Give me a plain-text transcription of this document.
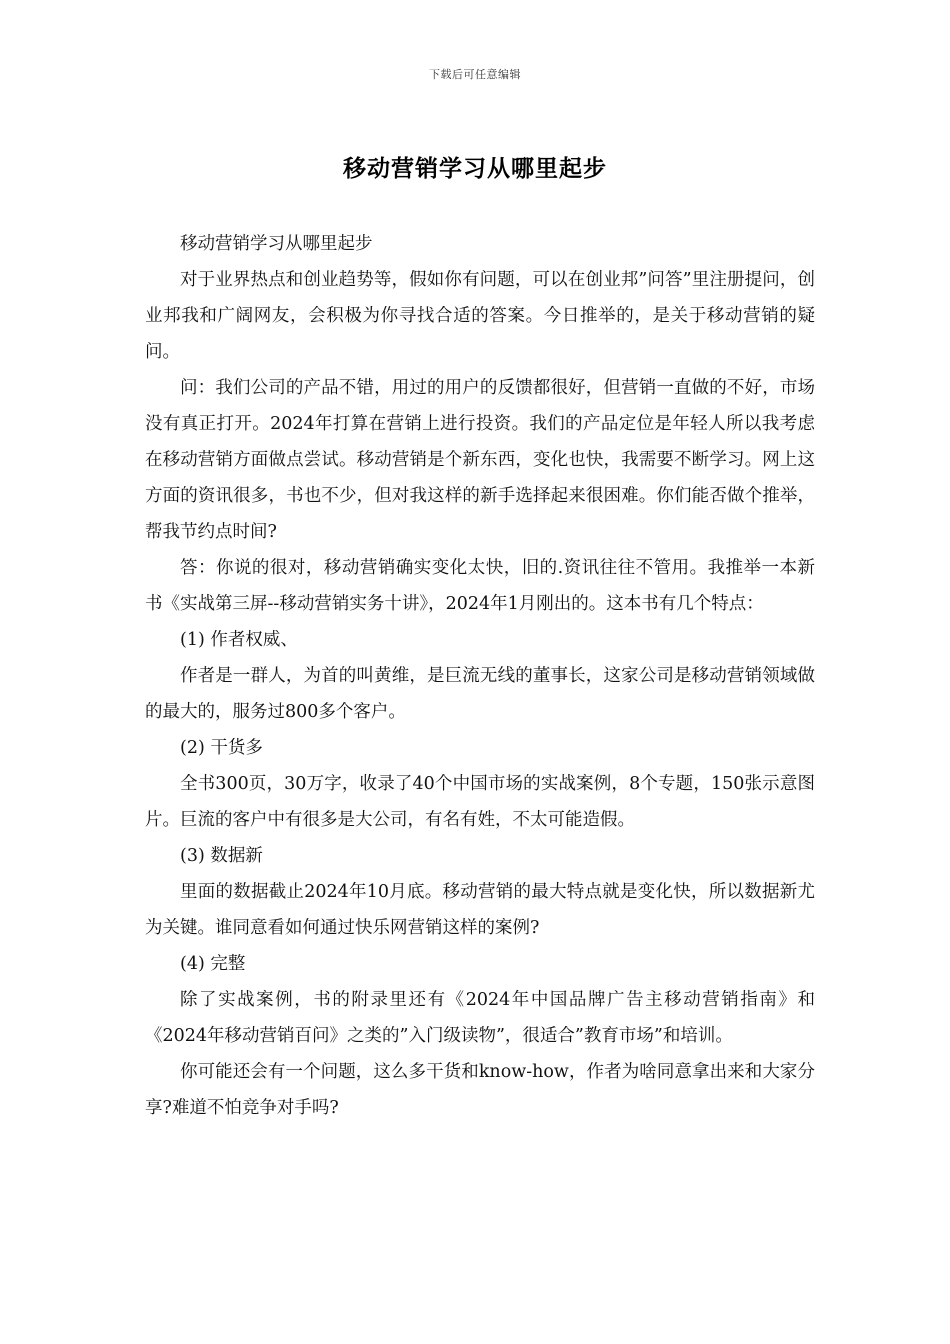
下载后可任意编辑
移动营销学习从哪里起步

移动营销学习从哪里起步

对于业界热点和创业趋势等，假如你有问题，可以在创业邦”问答”里注册提问，创业邦我和广阔网友，会积极为你寻找合适的答案。今日推举的，是关于移动营销的疑问。

问：我们公司的产品不错，用过的用户的反馈都很好，但营销一直做的不好，市场没有真正打开。2024年打算在营销上进行投资。我们的产品定位是年轻人所以我考虑在移动营销方面做点尝试。移动营销是个新东西，变化也快，我需要不断学习。网上这方面的资讯很多，书也不少，但对我这样的新手选择起来很困难。你们能否做个推举，帮我节约点时间?

答：你说的很对，移动营销确实变化太快，旧的.资讯往往不管用。我推举一本新书《实战第三屏--移动营销实务十讲》，2024年1月刚出的。这本书有几个特点：

(1) 作者权威、

作者是一群人，为首的叫黄维，是巨流无线的董事长，这家公司是移动营销领域做的最大的，服务过800多个客户。

(2) 干货多

全书300页，30万字，收录了40个中国市场的实战案例，8个专题，150张示意图片。巨流的客户中有很多是大公司，有名有姓，不太可能造假。

(3) 数据新

里面的数据截止2024年10月底。移动营销的最大特点就是变化快，所以数据新尤为关键。谁同意看如何通过快乐网营销这样的案例?

(4) 完整

除了实战案例，书的附录里还有《2024年中国品牌广告主移动营销指南》和《2024年移动营销百问》之类的”入门级读物”，很适合”教育市场”和培训。

你可能还会有一个问题，这么多干货和know-how，作者为啥同意拿出来和大家分享?难道不怕竞争对手吗?
